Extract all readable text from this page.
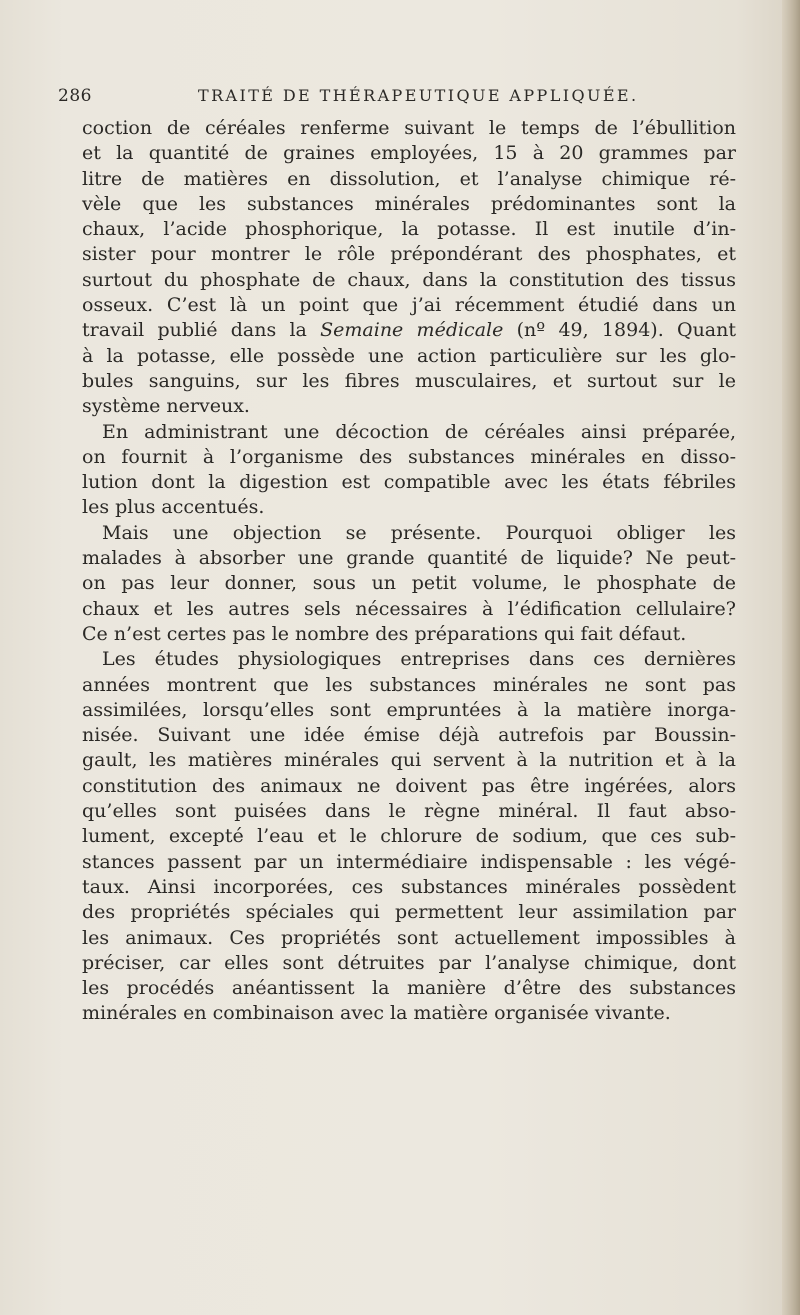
286	TRAITÉ DE THÉRAPEUTIQUE APPLIQUÉE.
coction de céréales renferme suivant le temps de l’ébullition
et la quantité de graines employées, 15 à 20 grammes par
litre de matières en dissolution, et l’analyse chimique ré-
vèle que les substances minérales prédominantes sont la
chaux, l’acide phosphorique, la potasse. Il est inutile d’in-
sister pour montrer le rôle prépondérant des phosphates, et
surtout du phosphate de chaux, dans la constitution des tissus
osseux. C’est là un point que j’ai récemment étudié dans un
travail publié dans la Semaine médicale (nº 49, 1894). Quant
à la potasse, elle possède une action particulière sur les glo-
bules sanguins, sur les fibres musculaires, et surtout sur le
système nerveux.
En administrant une décoction de céréales ainsi préparée,
on fournit à l’organisme des substances minérales en disso-
lution dont la digestion est compatible avec les états fébriles
les plus accentués.
Mais une objection se présente. Pourquoi obliger les
malades à absorber une grande quantité de liquide? Ne peut-
on pas leur donner, sous un petit volume, le phosphate de
chaux et les autres sels nécessaires à l’édification cellulaire?
Ce n’est certes pas le nombre des préparations qui fait défaut.
Les études physiologiques entreprises dans ces dernières
années montrent que les substances minérales ne sont pas
assimilées, lorsqu’elles sont empruntées à la matière inorga-
nisée. Suivant une idée émise déjà autrefois par Boussin-
gault, les matières minérales qui servent à la nutrition et à la
constitution des animaux ne doivent pas être ingérées, alors
qu’elles sont puisées dans le règne minéral. Il faut abso-
lument, excepté l’eau et le chlorure de sodium, que ces sub-
stances passent par un intermédiaire indispensable : les végé-
taux. Ainsi incorporées, ces substances minérales possèdent
des propriétés spéciales qui permettent leur assimilation par
les animaux. Ces propriétés sont actuellement impossibles à
préciser, car elles sont détruites par l’analyse chimique, dont
les procédés anéantissent la manière d’être des substances
minérales en combinaison avec la matière organisée vivante.
